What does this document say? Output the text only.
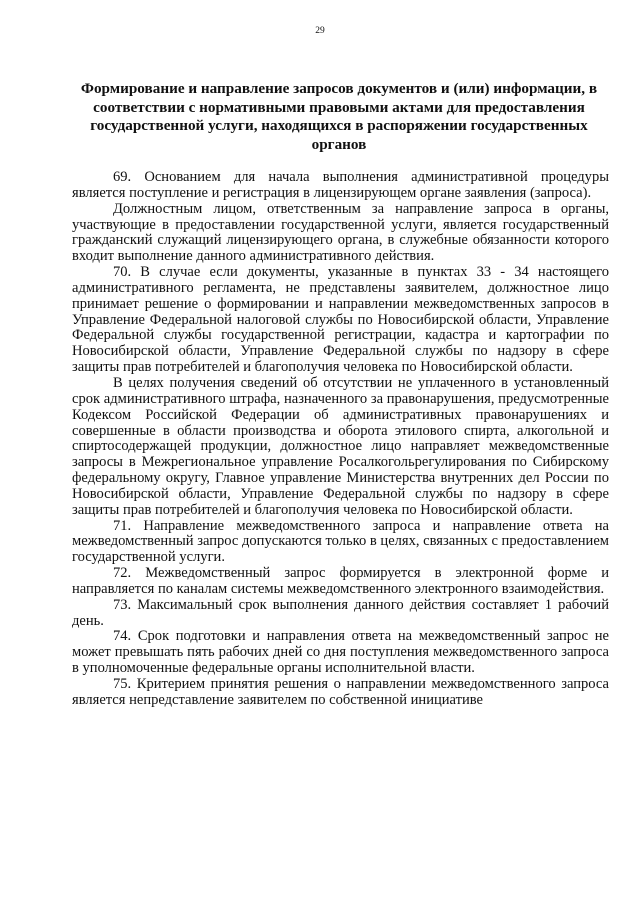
29
Формирование и направление запросов документов и (или) информации, в соответствии с нормативными правовыми актами для предоставления государственной услуги, находящихся в распоряжении государственных органов

69. Основанием для начала выполнения административной процедуры является поступление и регистрация в лицензирующем органе заявления (запроса).

Должностным лицом, ответственным за направление запроса в органы, участвующие в предоставлении государственной услуги, является государственный гражданский служащий лицензирующего органа, в служебные обязанности которого входит выполнение данного административного действия.

70. В случае если документы, указанные в пунктах 33 - 34 настоящего административного регламента, не представлены заявителем, должностное лицо принимает решение о формировании и направлении межведомственных запросов в Управление Федеральной налоговой службы по Новосибирской области, Управление Федеральной службы государственной регистрации, кадастра и картографии по Новосибирской области, Управление Федеральной службы по надзору в сфере защиты прав потребителей и благополучия человека по Новосибирской области.

В целях получения сведений об отсутствии не уплаченного в установленный срок административного штрафа, назначенного за правонарушения, предусмотренные Кодексом Российской Федерации об административных правонарушениях и совершенные в области производства и оборота этилового спирта, алкогольной и спиртосодержащей продукции, должностное лицо направляет межведомственные запросы в Межрегиональное управление Росалкогольрегулирования по Сибирскому федеральному округу, Главное управление Министерства внутренних дел России по Новосибирской области, Управление Федеральной службы по надзору в сфере защиты прав потребителей и благополучия человека по Новосибирской области.

71. Направление межведомственного запроса и направление ответа на межведомственный запрос допускаются только в целях, связанных с предоставлением государственной услуги.

72. Межведомственный запрос формируется в электронной форме и направляется по каналам системы межведомственного электронного взаимодействия.

73. Максимальный срок выполнения данного действия составляет 1 рабочий день.

74. Срок подготовки и направления ответа на межведомственный запрос не может превышать пять рабочих дней со дня поступления межведомственного запроса в уполномоченные федеральные органы исполнительной власти.

75. Критерием принятия решения о направлении межведомственного запроса является непредставление заявителем по собственной инициативе
